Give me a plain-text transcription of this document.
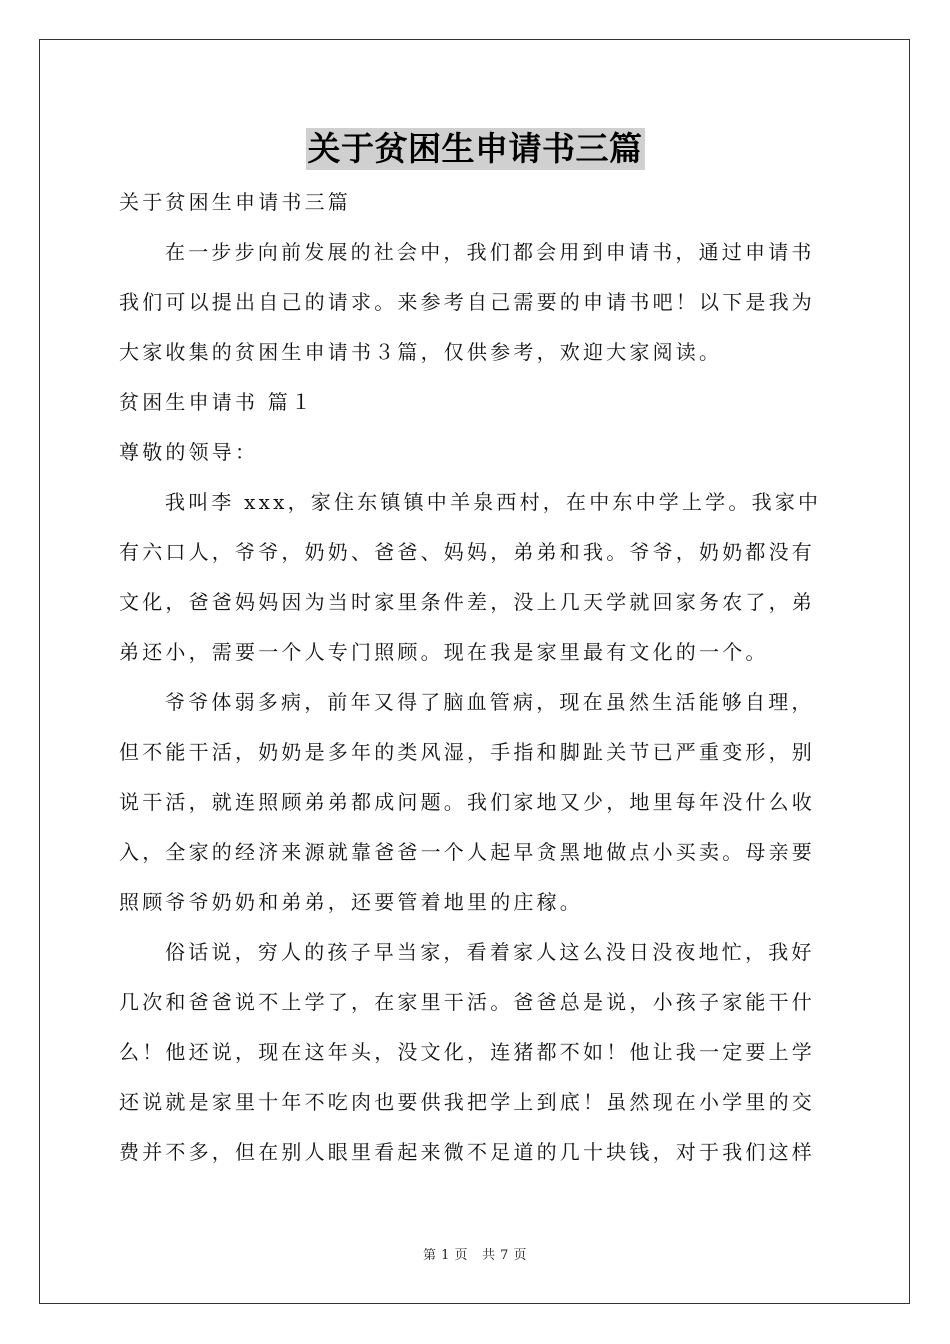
关于贫困生申请书三篇
关于贫困生申请书三篇
在一步步向前发展的社会中，我们都会用到申请书，通过申请书
我们可以提出自己的请求。来参考自己需要的申请书吧！以下是我为
大家收集的贫困生申请书３篇，仅供参考，欢迎大家阅读。
贫困生申请书 篇１
尊敬的领导：
我叫李 xxx，家住东镇镇中羊泉西村，在中东中学上学。我家中
有六口人，爷爷，奶奶、爸爸、妈妈，弟弟和我。爷爷，奶奶都没有
文化，爸爸妈妈因为当时家里条件差，没上几天学就回家务农了，弟
弟还小，需要一个人专门照顾。现在我是家里最有文化的一个。
爷爷体弱多病，前年又得了脑血管病，现在虽然生活能够自理，
但不能干活，奶奶是多年的类风湿，手指和脚趾关节已严重变形，别
说干活，就连照顾弟弟都成问题。我们家地又少，地里每年没什么收
入，全家的经济来源就靠爸爸一个人起早贪黑地做点小买卖。母亲要
照顾爷爷奶奶和弟弟，还要管着地里的庄稼。
俗话说，穷人的孩子早当家，看着家人这么没日没夜地忙，我好
几次和爸爸说不上学了，在家里干活。爸爸总是说，小孩子家能干什
么！他还说，现在这年头，没文化，连猪都不如！他让我一定要上学
还说就是家里十年不吃肉也要供我把学上到底！虽然现在小学里的交
费并不多，但在别人眼里看起来微不足道的几十块钱，对于我们这样
第 1 页 共 7 页
